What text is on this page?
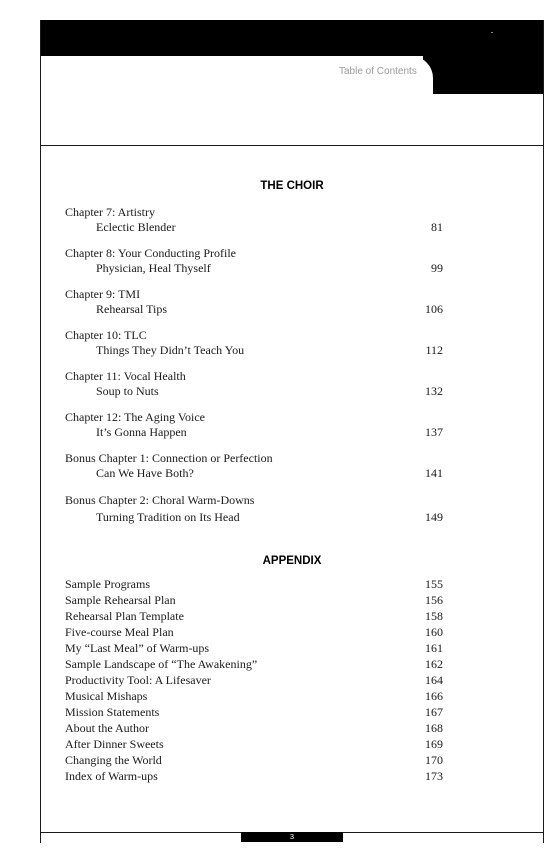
Table of Contents
THE CHOIR
Chapter 7: Artistry
Eclectic Blender	81
Chapter 8: Your Conducting Profile
Physician, Heal Thyself	99
Chapter 9: TMI
Rehearsal Tips	106
Chapter 10: TLC
Things They Didn’t Teach You	112
Chapter 11: Vocal Health
Soup to Nuts	132
Chapter 12: The Aging Voice
It’s Gonna Happen	137
Bonus Chapter 1: Connection or Perfection
Can We Have Both?	141
Bonus Chapter 2: Choral Warm-Downs
Turning Tradition on Its Head	149
APPENDIX
Sample Programs	155
Sample Rehearsal Plan	156
Rehearsal Plan Template	158
Five-course Meal Plan	160
My “Last Meal” of Warm-ups	161
Sample Landscape of “The Awakening”	162
Productivity Tool: A Lifesaver	164
Musical Mishaps	166
Mission Statements	167
About the Author	168
After Dinner Sweets	169
Changing the World	170
Index of Warm-ups	173
3
